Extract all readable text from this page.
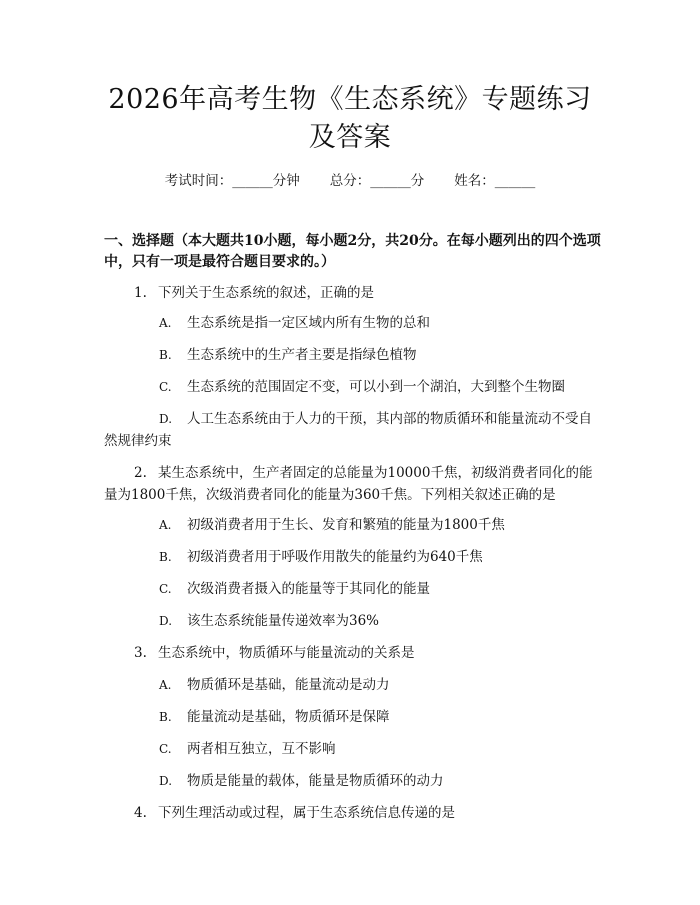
2026年高考生物《生态系统》专题练习及答案
考试时间：______分钟 总分：______分 姓名：______
一、选择题（本大题共10小题，每小题2分，共20分。在每小题列出的四个选项中，只有一项是最符合题目要求的。）
1. 下列关于生态系统的叙述，正确的是
A. 生态系统是指一定区域内所有生物的总和
B. 生态系统中的生产者主要是指绿色植物
C. 生态系统的范围固定不变，可以小到一个湖泊，大到整个生物圈
D. 人工生态系统由于人力的干预，其内部的物质循环和能量流动不受自然规律约束
2. 某生态系统中，生产者固定的总能量为10000千焦，初级消费者同化的能量为1800千焦，次级消费者同化的能量为360千焦。下列相关叙述正确的是
A. 初级消费者用于生长、发育和繁殖的能量为1800千焦
B. 初级消费者用于呼吸作用散失的能量约为640千焦
C. 次级消费者摄入的能量等于其同化的能量
D. 该生态系统能量传递效率为36%
3. 生态系统中，物质循环与能量流动的关系是
A. 物质循环是基础，能量流动是动力
B. 能量流动是基础，物质循环是保障
C. 两者相互独立，互不影响
D. 物质是能量的载体，能量是物质循环的动力
4. 下列生理活动或过程，属于生态系统信息传递的是
